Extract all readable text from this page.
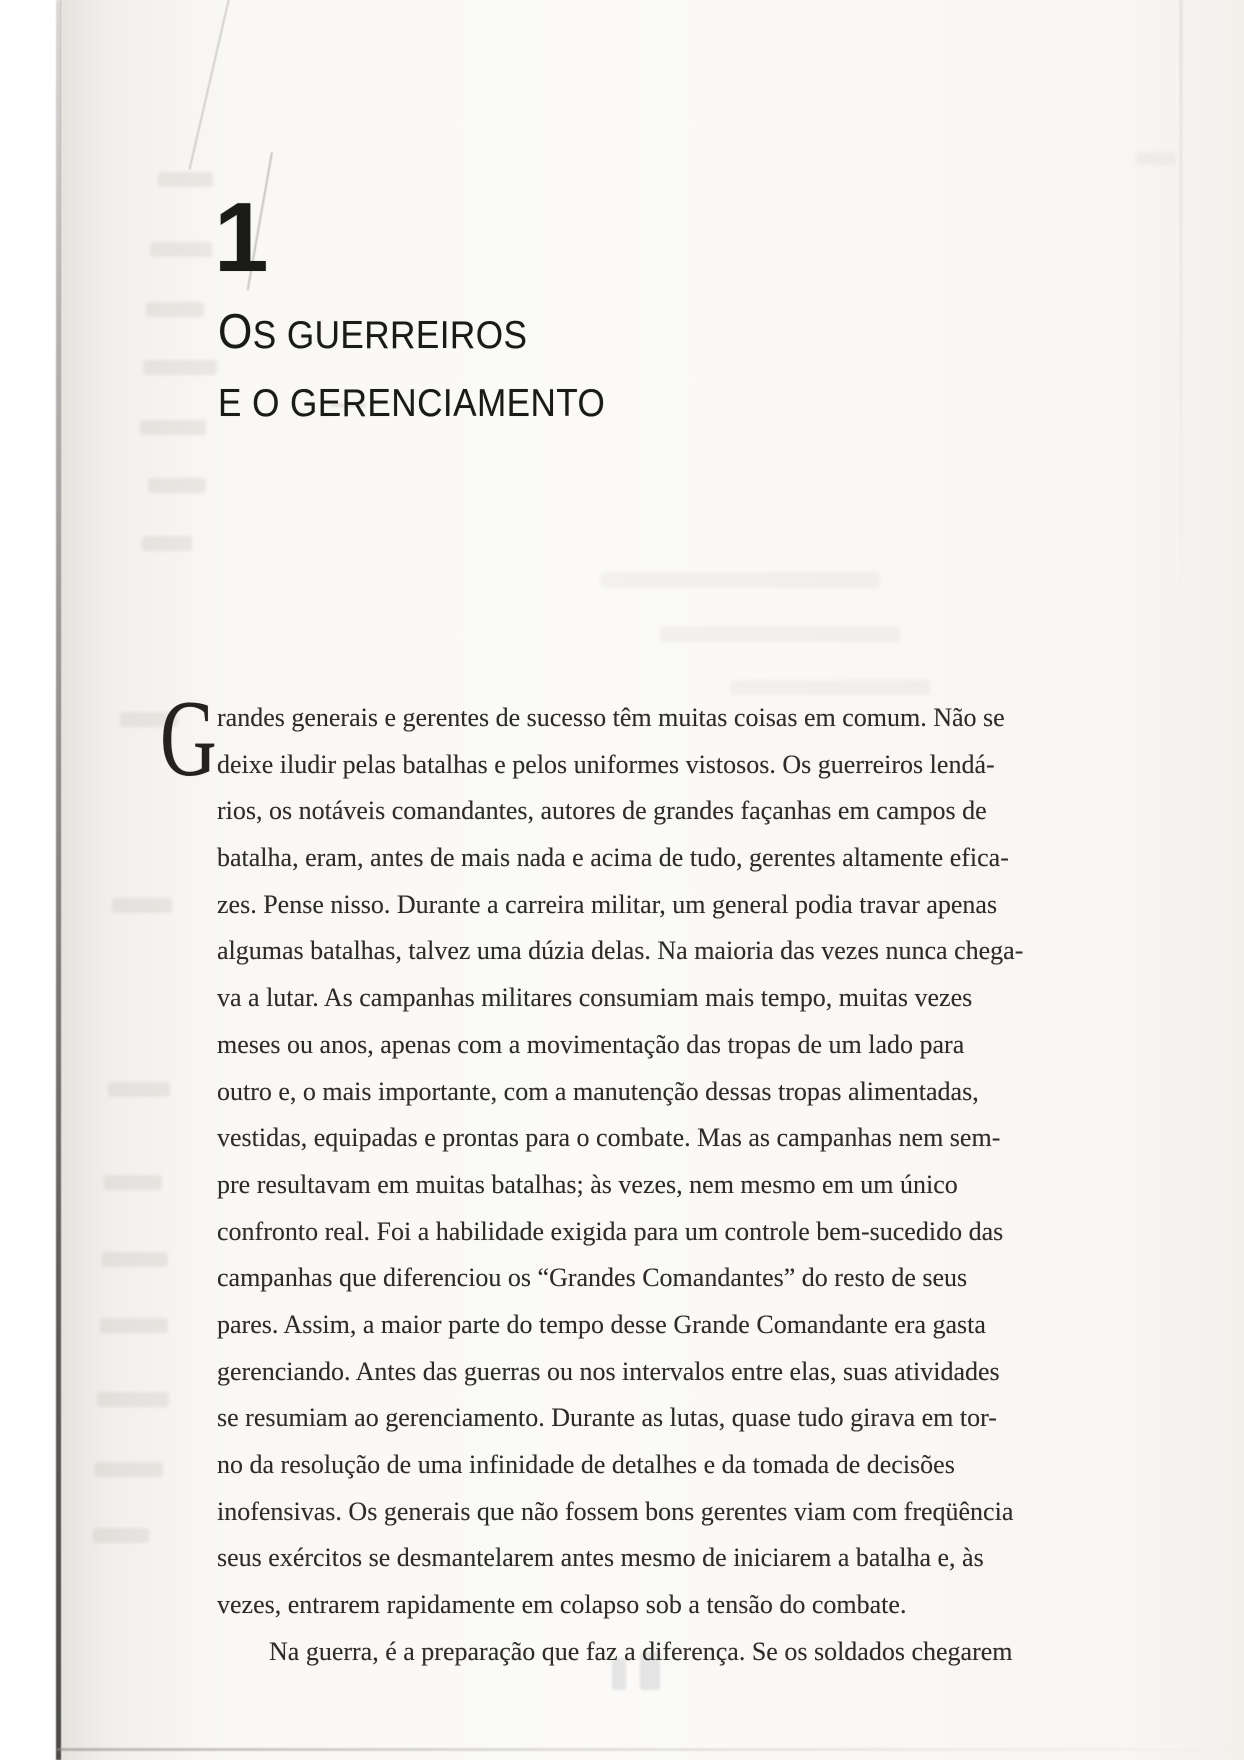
1
OS GUERREIROS
E O GERENCIAMENTO
G randes generais e gerentes de sucesso têm muitas coisas em comum. Não se
deixe iludir pelas batalhas e pelos uniformes vistosos. Os guerreiros lendá-
rios, os notáveis comandantes, autores de grandes façanhas em campos de
batalha, eram, antes de mais nada e acima de tudo, gerentes altamente efica-
zes. Pense nisso. Durante a carreira militar, um general podia travar apenas
algumas batalhas, talvez uma dúzia delas. Na maioria das vezes nunca chega-
va a lutar. As campanhas militares consumiam mais tempo, muitas vezes
meses ou anos, apenas com a movimentação das tropas de um lado para
outro e, o mais importante, com a manutenção dessas tropas alimentadas,
vestidas, equipadas e prontas para o combate. Mas as campanhas nem sem-
pre resultavam em muitas batalhas; às vezes, nem mesmo em um único
confronto real. Foi a habilidade exigida para um controle bem-sucedido das
campanhas que diferenciou os “Grandes Comandantes” do resto de seus
pares. Assim, a maior parte do tempo desse Grande Comandante era gasta
gerenciando. Antes das guerras ou nos intervalos entre elas, suas atividades
se resumiam ao gerenciamento. Durante as lutas, quase tudo girava em tor-
no da resolução de uma infinidade de detalhes e da tomada de decisões
inofensivas. Os generais que não fossem bons gerentes viam com freqüência
seus exércitos se desmantelarem antes mesmo de iniciarem a batalha e, às
vezes, entrarem rapidamente em colapso sob a tensão do combate.
Na guerra, é a preparação que faz a diferença. Se os soldados chegarem
